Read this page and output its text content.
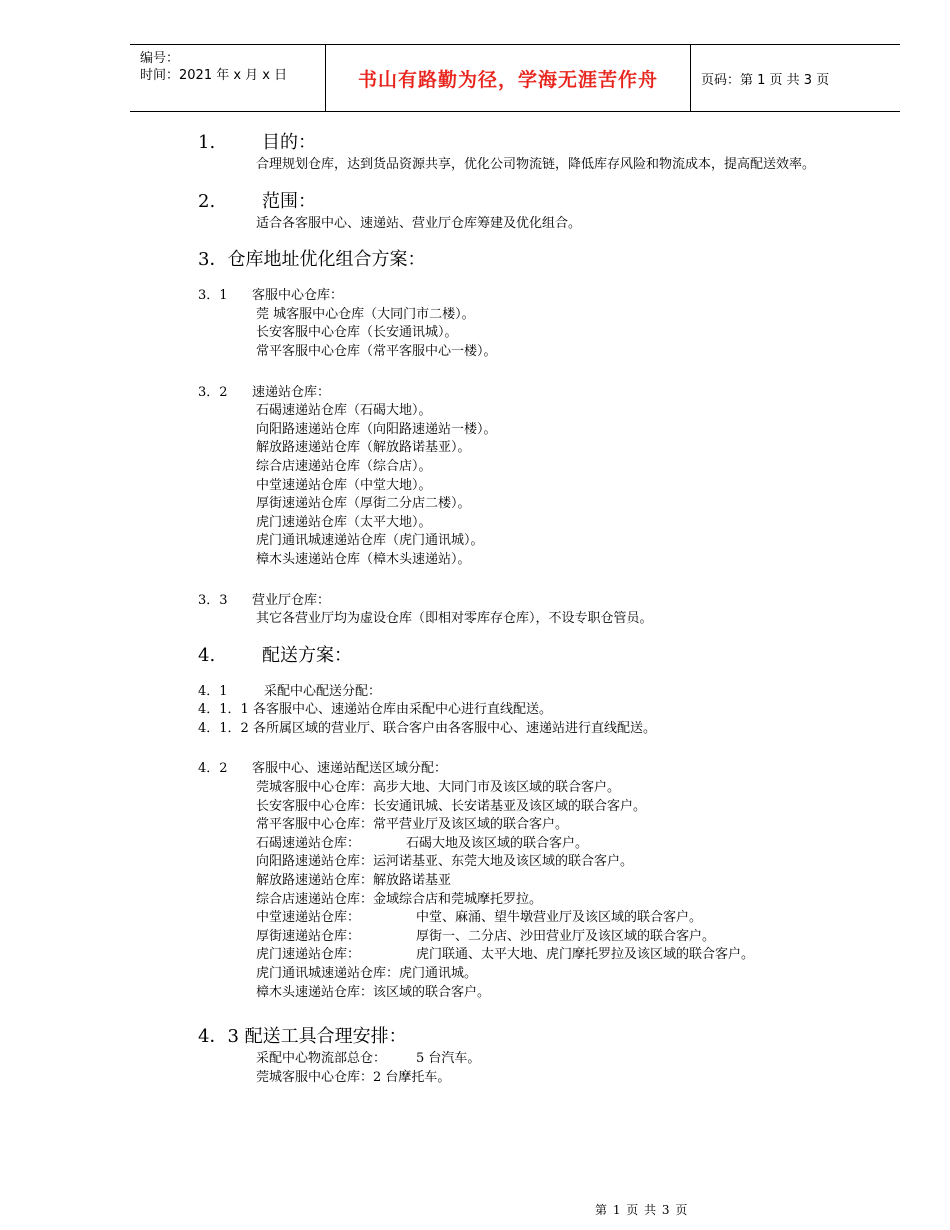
编号：
时间：2021 年 x 月 x 日	书山有路勤为径，学海无涯苦作舟	页码：第 1 页 共 3 页
1.	目的：
合理规划仓库，达到货品资源共享，优化公司物流链，降低库存风险和物流成本，提高配送效率。
2.	范围：
适合各客服中心、速递站、营业厅仓库筹建及优化组合。
3．仓库地址优化组合方案：
3．1	客服中心仓库：
莞 城客服中心仓库（大同门市二楼）。
长安客服中心仓库（长安通讯城）。
常平客服中心仓库（常平客服中心一楼）。
3．2	速递站仓库：
石碣速递站仓库（石碣大地）。
向阳路速递站仓库（向阳路速递站一楼）。
解放路速递站仓库（解放路诺基亚）。
综合店速递站仓库（综合店）。
中堂速递站仓库（中堂大地）。
厚街速递站仓库（厚街二分店二楼）。
虎门速递站仓库（太平大地）。
虎门通讯城速递站仓库（虎门通讯城）。
樟木头速递站仓库（樟木头速递站）。
3．3	营业厅仓库：
其它各营业厅均为虚设仓库（即相对零库存仓库），不设专职仓管员。
4.	配送方案：
4．1	采配中心配送分配：
4．1．1 各客服中心、速递站仓库由采配中心进行直线配送。
4．1．2 各所属区域的营业厅、联合客户由各客服中心、速递站进行直线配送。
4．2	客服中心、速递站配送区域分配：
莞城客服中心仓库：高步大地、大同门市及该区域的联合客户。
长安客服中心仓库：长安通讯城、长安诺基亚及该区域的联合客户。
常平客服中心仓库：常平营业厅及该区域的联合客户。
石碣速递站仓库：	石碣大地及该区域的联合客户。
向阳路速递站仓库：运河诺基亚、东莞大地及该区域的联合客户。
解放路速递站仓库：解放路诺基亚
综合店速递站仓库：金域综合店和莞城摩托罗拉。
中堂速递站仓库：	中堂、麻涌、望牛墩营业厅及该区域的联合客户。
厚街速递站仓库：	厚街一、二分店、沙田营业厅及该区域的联合客户。
虎门速递站仓库：	虎门联通、太平大地、虎门摩托罗拉及该区域的联合客户。
虎门通讯城速递站仓库：虎门通讯城。
樟木头速递站仓库：该区域的联合客户。
4．3 配送工具合理安排：
采配中心物流部总仓： 5 台汽车。
莞城客服中心仓库：2 台摩托车。
第 1 页 共 3 页
